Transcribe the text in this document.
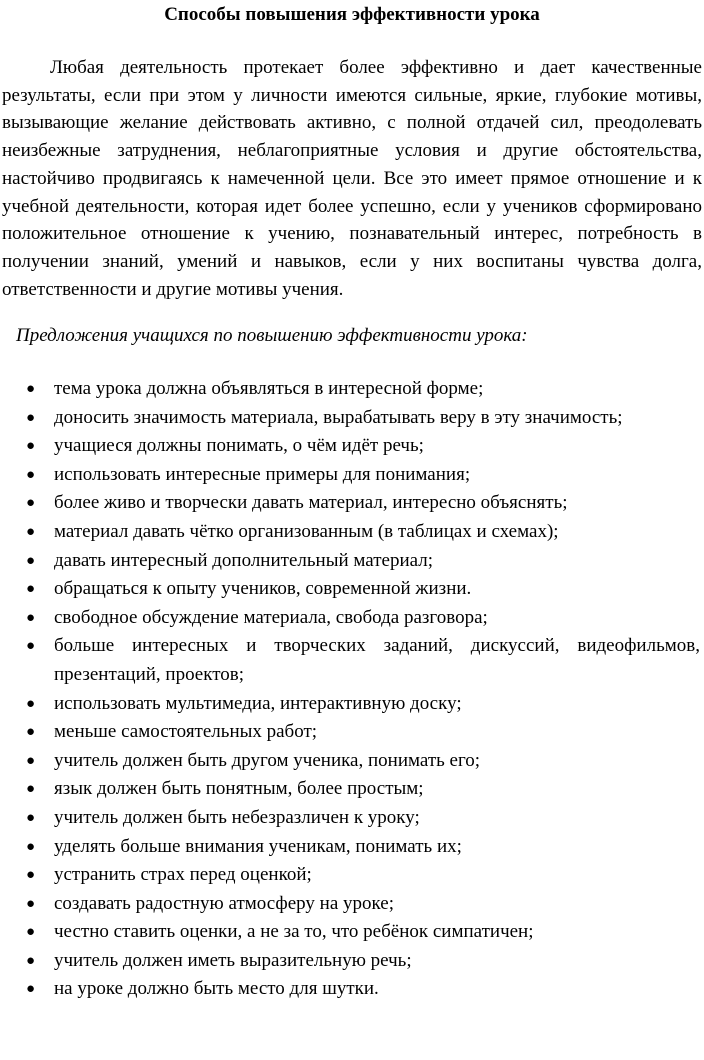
Способы повышения эффективности урока

Любая деятельность протекает более эффективно и дает качественные результаты, если при этом у личности имеются сильные, яркие, глубокие мотивы, вызывающие желание действовать активно, с полной отдачей сил, преодолевать неизбежные затруднения, неблагоприятные условия и другие обстоятельства, настойчиво продвигаясь к намеченной цели. Все это имеет прямое отношение и к учебной деятельности, которая идет более успешно, если у учеников сформировано положительное отношение к учению, познавательный интерес, потребность в получении знаний, умений и навыков, если у них воспитаны чувства долга, ответственности и другие мотивы учения.

Предложения учащихся по повышению эффективности урока:

● тема урока должна объявляться в интересной форме;
● доносить значимость материала, вырабатывать веру в эту значимость;
● учащиеся должны понимать, о чём идёт речь;
● использовать интересные примеры для понимания;
● более живо и творчески давать материал, интересно объяснять;
● материал давать чётко организованным (в таблицах и схемах);
● давать интересный дополнительный материал;
● обращаться к опыту учеников, современной жизни.
● свободное обсуждение материала, свобода разговора;
● больше интересных и творческих заданий, дискуссий, видеофильмов, презентаций, проектов;
● использовать мультимедиа, интерактивную доску;
● меньше самостоятельных работ;
● учитель должен быть другом ученика, понимать его;
● язык должен быть понятным, более простым;
● учитель должен быть небезразличен к уроку;
● уделять больше внимания ученикам, понимать их;
● устранить страх перед оценкой;
● создавать радостную атмосферу на уроке;
● честно ставить оценки, а не за то, что ребёнок симпатичен;
● учитель должен иметь выразительную речь;
● на уроке должно быть место для шутки.
